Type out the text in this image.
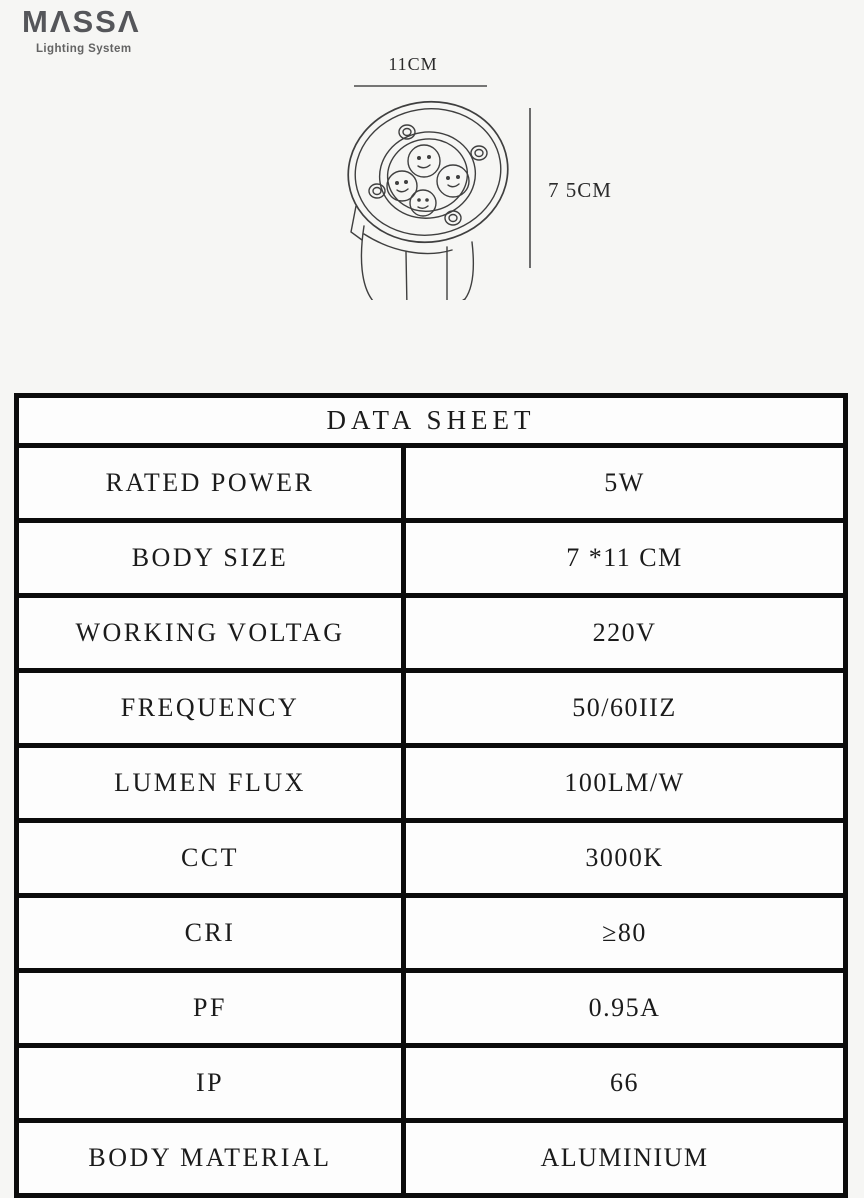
MΛSSΛ
Lighting System
11CM
7 5CM
DATA SHEET
RATED POWER	5W
BODY SIZE	7 *11 CM
WORKING VOLTAG	220V
FREQUENCY	50/60IIZ
LUMEN FLUX	100LM/W
CCT	3000K
CRI	≥80
PF	0.95A
IP	66
BODY MATERIAL	ALUMINIUM
